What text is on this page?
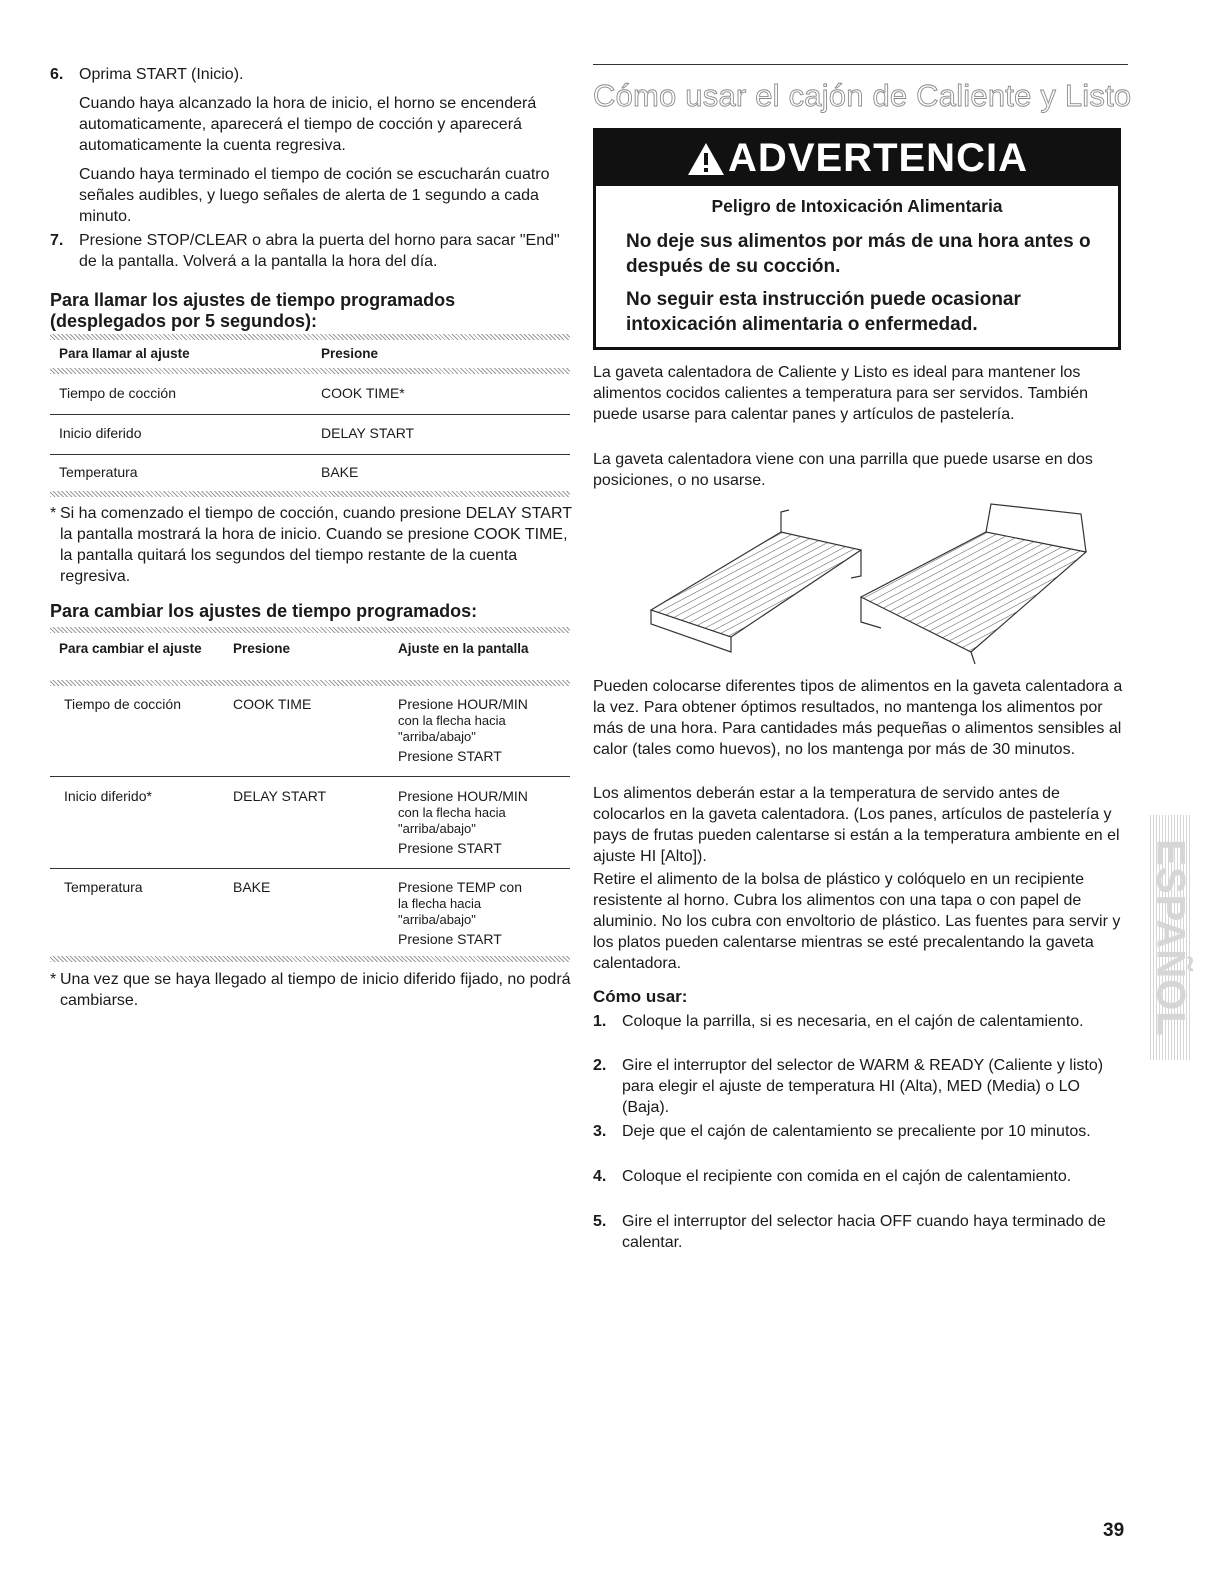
6. Oprima START (Inicio).

Cuando haya alcanzado la hora de inicio, el horno se encenderá automaticamente, aparecerá el tiempo de cocción y aparecerá automaticamente la cuenta regresiva.

Cuando haya terminado el tiempo de coción se escucharán cuatro señales audibles, y luego señales de alerta de 1 segundo a cada minuto.

7. Presione STOP/CLEAR o abra la puerta del horno para sacar "End" de la pantalla. Volverá a la pantalla la hora del día.

Para llamar los ajustes de tiempo programados
(desplegados por 5 segundos):
Para llamar al ajuste	Presione
Tiempo de cocción	COOK TIME*
Inicio diferido	DELAY START
Temperatura	BAKE
* Si ha comenzado el tiempo de cocción, cuando presione DELAY START la pantalla mostrará la hora de inicio. Cuando se presione COOK TIME, la pantalla quitará los segundos del tiempo restante de la cuenta regresiva.
Para cambiar los ajustes de tiempo programados:
Para cambiar el ajuste	Presione	Ajuste en la pantalla
Tiempo de cocción	COOK TIME	Presione HOUR/MIN
con la flecha hacia
"arriba/abajo"
Presione START
Inicio diferido*	DELAY START	Presione HOUR/MIN
con la flecha hacia
"arriba/abajo"
Presione START
Temperatura	BAKE	Presione TEMP con
la flecha hacia
"arriba/abajo"
Presione START
* Una vez que se haya llegado al tiempo de inicio diferido fijado, no podrá cambiarse.
Cómo usar el cajón de Caliente y Listo
ADVERTENCIA
Peligro de Intoxicación Alimentaria
No deje sus alimentos por más de una hora antes o después de su cocción.
No seguir esta instrucción puede ocasionar intoxicación alimentaria o enfermedad.
La gaveta calentadora de Caliente y Listo es ideal para mantener los alimentos cocidos calientes a temperatura para ser servidos. También puede usarse para calentar panes y artículos de pastelería.
La gaveta calentadora viene con una parrilla que puede usarse en dos posiciones, o no usarse.
Pueden colocarse diferentes tipos de alimentos en la gaveta calentadora a la vez. Para obtener óptimos resultados, no mantenga los alimentos por más de una hora. Para cantidades más pequeñas o alimentos sensibles al calor (tales como huevos), no los mantenga por más de 30 minutos.
Los alimentos deberán estar a la temperatura de servido antes de colocarlos en la gaveta calentadora. (Los panes, artículos de pastelería y pays de frutas pueden calentarse si están a la temperatura ambiente en el ajuste HI [Alto]).
Retire el alimento de la bolsa de plástico y colóquelo en un recipiente resistente al horno. Cubra los alimentos con una tapa o con papel de aluminio. No los cubra con envoltorio de plástico. Las fuentes para servir y los platos pueden calentarse mientras se esté precalentando la gaveta calentadora.
Cómo usar:
1. Coloque la parrilla, si es necesaria, en el cajón de calentamiento.
2. Gire el interruptor del selector de WARM & READY (Caliente y listo) para elegir el ajuste de temperatura HI (Alta), MED (Media) o LO (Baja).
3. Deje que el cajón de calentamiento se precaliente por 10 minutos.
4. Coloque el recipiente con comida en el cajón de calentamiento.
5. Gire el interruptor del selector hacia OFF cuando haya terminado de calentar.
ESPAÑOL
39
